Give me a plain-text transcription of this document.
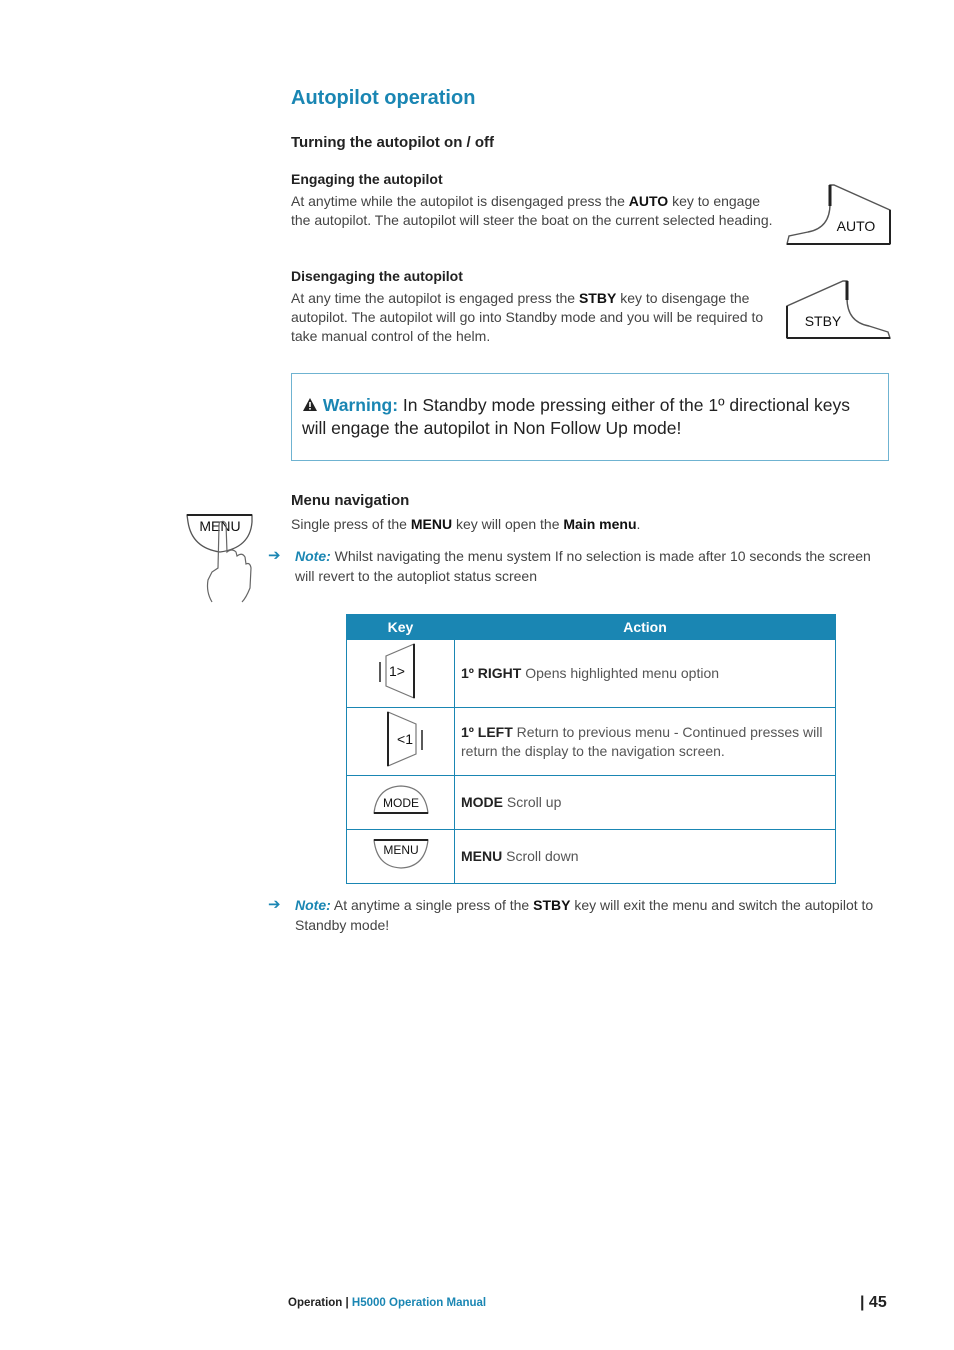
Autopilot operation
Turning the autopilot on / off
Engaging the autopilot
At anytime while the autopilot is disengaged press the AUTO key to engage the autopilot. The autopilot will steer the boat on the current selected heading.	AUTO
Disengaging the autopilot
At any time the autopilot is engaged press the STBY key to disengage the autopilot. The autopilot will go into Standby mode and you will be required to take manual control of the helm.
STBY
Warning: In Standby mode pressing either of the 1º directional keys will engage the autopilot in Non Follow Up mode!
MENU
Menu navigation
Single press of the MENU key will open the Main menu.
➔ Note: Whilst navigating the menu system If no selection is made after 10 seconds the screen will revert to the autopliot status screen
Key	Action

1>	1º RIGHT Opens highlighted menu option

<1	1º LEFT Return to previous menu - Continued presses will return the display to the navigation screen.

MODE	MODE Scroll up

MENU	MENU Scroll down
➔ Note: At anytime a single press of the STBY key will exit the menu and switch the autopilot to Standby mode!
Operation | H5000 Operation Manual	| 45
